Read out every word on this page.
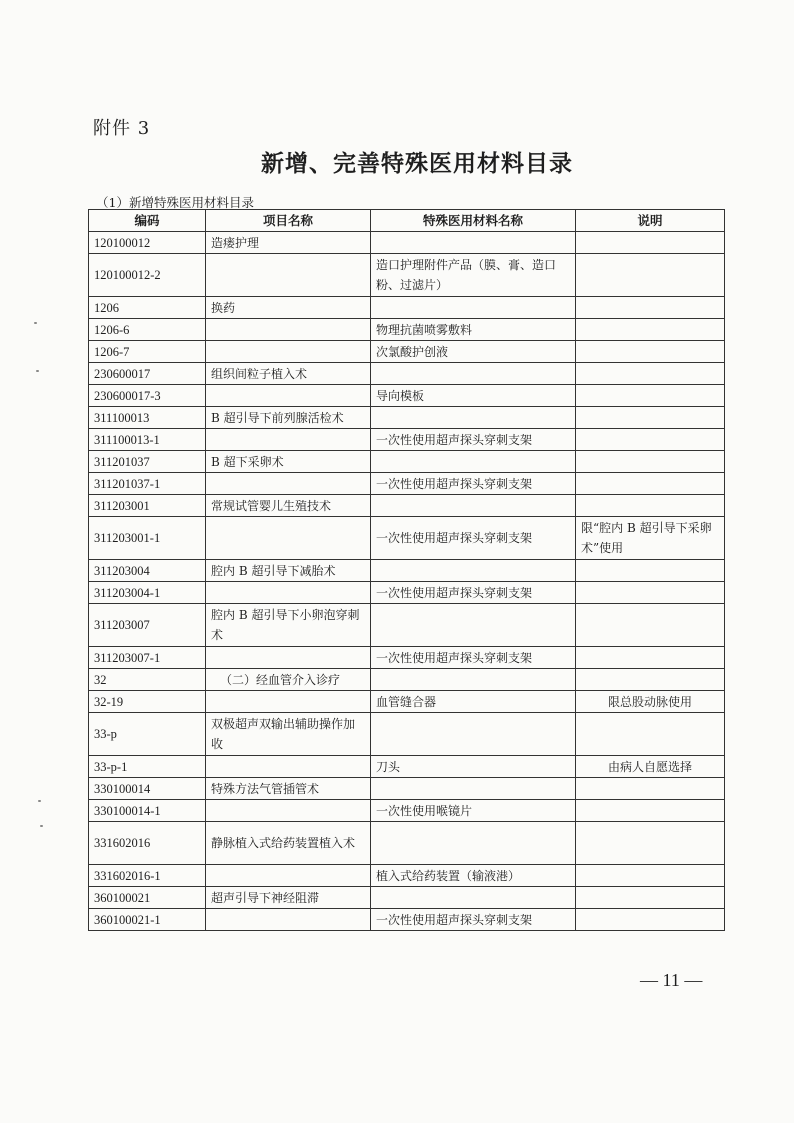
附件 3
新增、完善特殊医用材料目录
（1）新增特殊医用材料目录
编码	项目名称	特殊医用材料名称	说明
120100012	造瘘护理		
120100012-2		造口护理附件产品（膜、膏、造口粉、过滤片）	
1206	换药		
1206-6		物理抗菌喷雾敷料	
1206-7		次氯酸护创液	
230600017	组织间粒子植入术		
230600017-3		导向模板	
311100013	B 超引导下前列腺活检术		
311100013-1		一次性使用超声探头穿刺支架	
311201037	B 超下采卵术		
311201037-1		一次性使用超声探头穿刺支架	
311203001	常规试管婴儿生殖技术		
311203001-1		一次性使用超声探头穿刺支架	限“腔内 B 超引导下采卵术”使用
311203004	腔内 B 超引导下减胎术		
311203004-1		一次性使用超声探头穿刺支架	
311203007	腔内 B 超引导下小卵泡穿刺术		
311203007-1		一次性使用超声探头穿刺支架	
32	（二）经血管介入诊疗		
32-19		血管缝合器	限总股动脉使用
33-p	双极超声双输出辅助操作加收		
33-p-1		刀头	由病人自愿选择
330100014	特殊方法气管插管术		
330100014-1		一次性使用喉镜片	
331602016	静脉植入式给药装置植入术		
331602016-1		植入式给药装置（输液港）	
360100021	超声引导下神经阻滞		
360100021-1		一次性使用超声探头穿刺支架	
— 11 —
